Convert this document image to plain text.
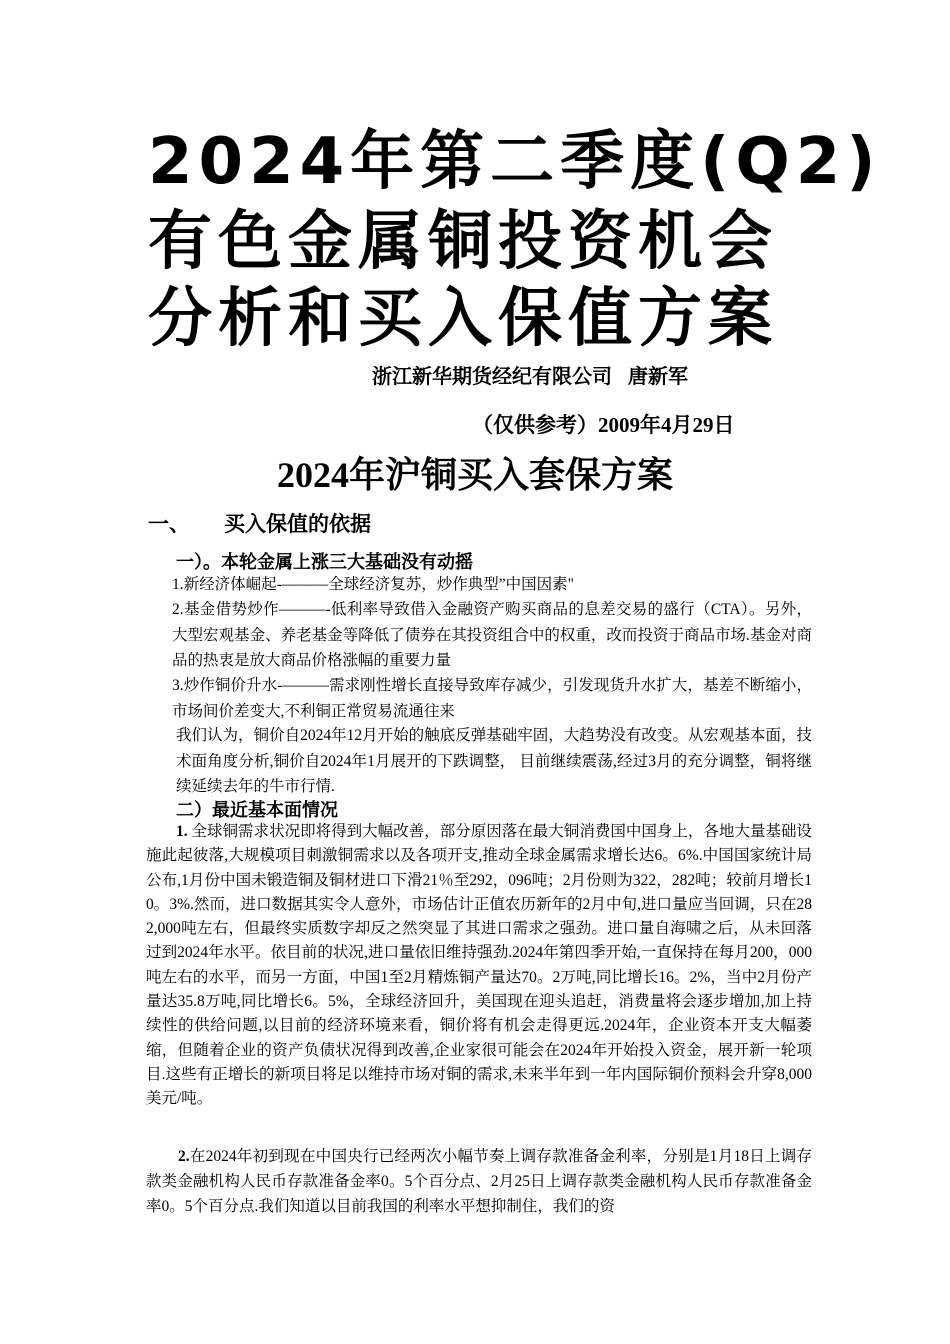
2024年第二季度(Q2)
有色金属铜投资机会
分析和买入保值方案
浙江新华期货经纪有限公司 唐新军
（仅供参考）2009年4月29日
2024年沪铜买入套保方案
一、 买入保值的依据
一）。本轮金属上涨三大基础没有动摇
1.新经济体崛起-———全球经济复苏，炒作典型”中国因素"
2.基金借势炒作———-低利率导致借入金融资产购买商品的息差交易的盛行（CTA）。另外，大型宏观基金、养老基金等降低了债券在其投资组合中的权重，改而投资于商品市场.基金对商品的热衷是放大商品价格涨幅的重要力量
3.炒作铜价升水-———需求刚性增长直接导致库存减少，引发现货升水扩大，基差不断缩小，市场间价差变大,不利铜正常贸易流通往来
我们认为，铜价自2024年12月开始的触底反弹基础牢固，大趋势没有改变。从宏观基本面，技术面角度分析,铜价自2024年1月展开的下跌调整， 目前继续震荡,经过3月的充分调整，铜将继续延续去年的牛市行情.
二）最近基本面情况
1. 全球铜需求状况即将得到大幅改善，部分原因落在最大铜消费国中国身上，各地大量基础设施此起彼落,大规模项目刺激铜需求以及各项开支,推动全球金属需求增长达6。6%.中国国家统计局公布,1月份中国未锻造铜及铜材进口下滑21％至292，096吨；2月份则为322，282吨；较前月增长10。3%.然而，进口数据其实令人意外，市场估计正值农历新年的2月中旬,进口量应当回调，只在282,000吨左右，但最终实质数字却反之然突显了其进口需求之强劲。进口量自海啸之后，从未回落过到2024年水平。依目前的状况,进口量依旧维持强劲.2024年第四季开始,一直保持在每月200，000吨左右的水平，而另一方面，中国1至2月精炼铜产量达70。2万吨,同比增长16。2%，当中2月份产量达35.8万吨,同比增长6。5%，全球经济回升，美国现在迎头追赶，消费量将会逐步增加,加上持续性的供给问题,以目前的经济环境来看，铜价将有机会走得更远.2024年，企业资本开支大幅萎缩，但随着企业的资产负债状况得到改善,企业家很可能会在2024年开始投入资金，展开新一轮项目.这些有正增长的新项目将足以维持市场对铜的需求,未来半年到一年内国际铜价预料会升穿8,000美元/吨。
2.在2024年初到现在中国央行已经两次小幅节奏上调存款准备金利率，分别是1月18日上调存款类金融机构人民币存款准备金率0。5个百分点、2月25日上调存款类金融机构人民币存款准备金率0。5个百分点.我们知道以目前我国的利率水平想抑制住，我们的资
